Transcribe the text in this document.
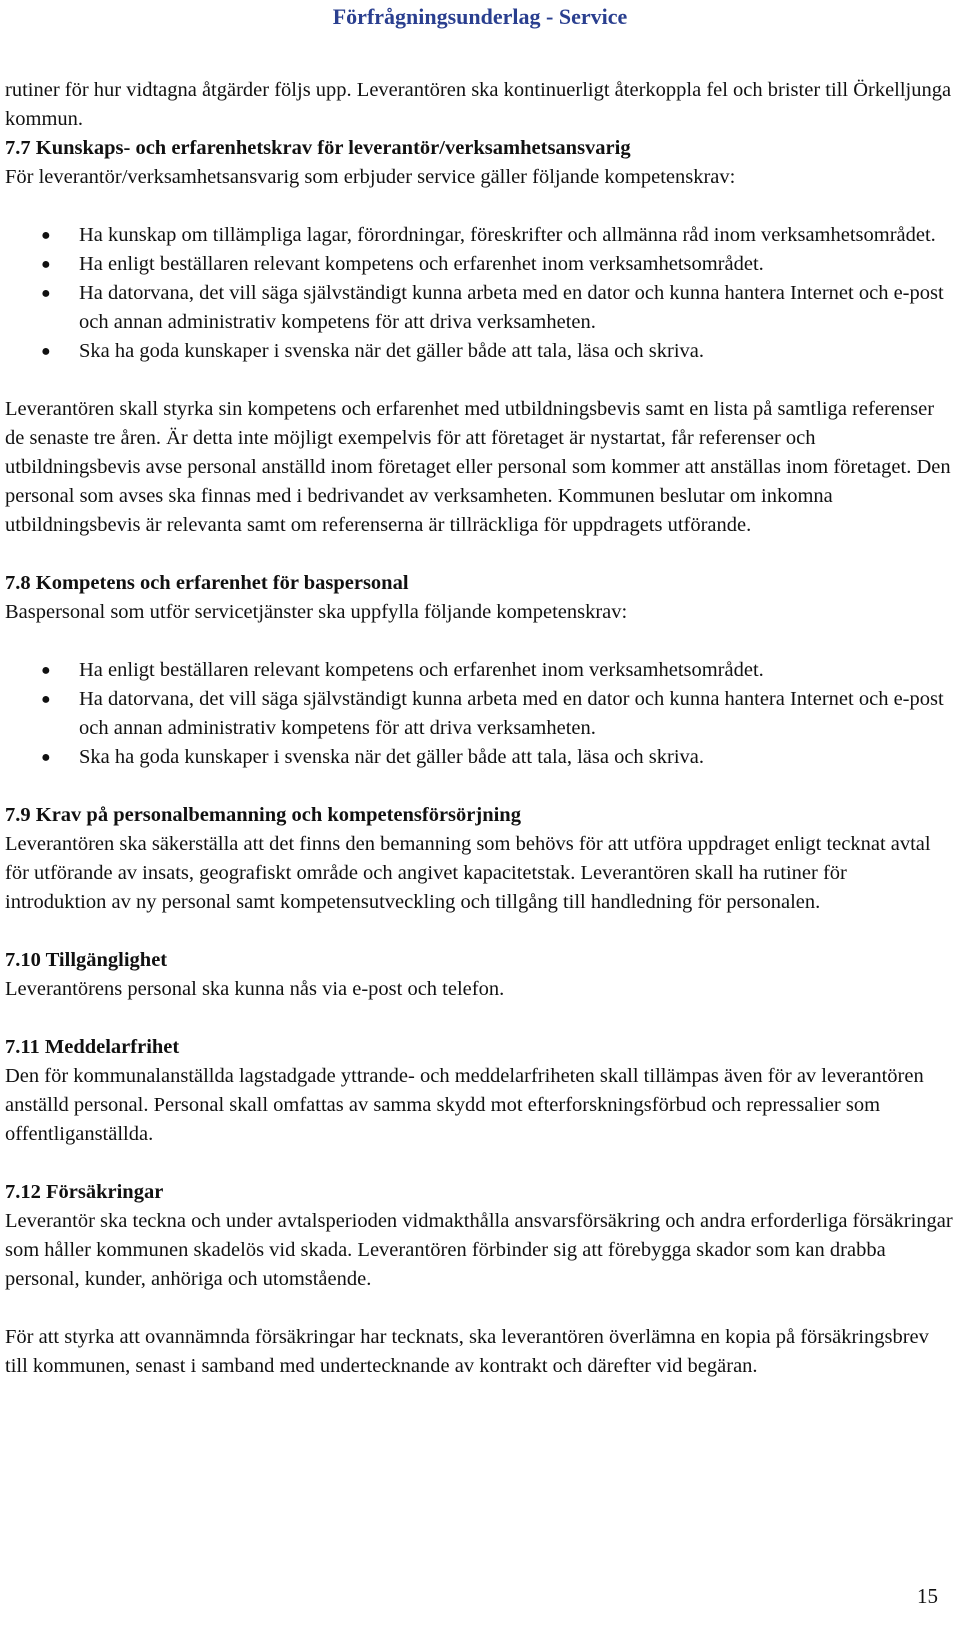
Förfrågningsunderlag - Service

rutiner för hur vidtagna åtgärder följs upp. Leverantören ska kontinuerligt återkoppla fel och brister till Örkelljunga kommun.

7.7 Kunskaps- och erfarenhetskrav för leverantör/verksamhetsansvarig

För leverantör/verksamhetsansvarig som erbjuder service gäller följande kompetenskrav:

● Ha kunskap om tillämpliga lagar, förordningar, föreskrifter och allmänna råd inom verksamhetsområdet.
● Ha enligt beställaren relevant kompetens och erfarenhet inom verksamhetsområdet.
● Ha datorvana, det vill säga självständigt kunna arbeta med en dator och kunna hantera Internet och e-post och annan administrativ kompetens för att driva verksamheten.
● Ska ha goda kunskaper i svenska när det gäller både att tala, läsa och skriva.

Leverantören skall styrka sin kompetens och erfarenhet med utbildningsbevis samt en lista på samtliga referenser de senaste tre åren. Är detta inte möjligt exempelvis för att företaget är nystartat, får referenser och utbildningsbevis avse personal anställd inom företaget eller personal som kommer att anställas inom företaget. Den personal som avses ska finnas med i bedrivandet av verksamheten. Kommunen beslutar om inkomna utbildningsbevis är relevanta samt om referenserna är tillräckliga för uppdragets utförande.

7.8 Kompetens och erfarenhet för baspersonal

Baspersonal som utför servicetjänster ska uppfylla följande kompetenskrav:

● Ha enligt beställaren relevant kompetens och erfarenhet inom verksamhetsområdet.
● Ha datorvana, det vill säga självständigt kunna arbeta med en dator och kunna hantera Internet och e-post och annan administrativ kompetens för att driva verksamheten.
● Ska ha goda kunskaper i svenska när det gäller både att tala, läsa och skriva.

7.9 Krav på personalbemanning och kompetensförsörjning

Leverantören ska säkerställa att det finns den bemanning som behövs för att utföra uppdraget enligt tecknat avtal för utförande av insats, geografiskt område och angivet kapacitetstak. Leverantören skall ha rutiner för introduktion av ny personal samt kompetensutveckling och tillgång till handledning för personalen.

7.10 Tillgänglighet

Leverantörens personal ska kunna nås via e-post och telefon.

7.11 Meddelarfrihet

Den för kommunalanställda lagstadgade yttrande- och meddelarfriheten skall tillämpas även för av leverantören anställd personal. Personal skall omfattas av samma skydd mot efterforskningsförbud och repressalier som offentliganställda.

7.12 Försäkringar

Leverantör ska teckna och under avtalsperioden vidmakthålla ansvarsförsäkring och andra erforderliga försäkringar som håller kommunen skadelös vid skada. Leverantören förbinder sig att förebygga skador som kan drabba personal, kunder, anhöriga och utomstående.

För att styrka att ovannämnda försäkringar har tecknats, ska leverantören överlämna en kopia på försäkringsbrev till kommunen, senast i samband med undertecknande av kontrakt och därefter vid begäran.

15
